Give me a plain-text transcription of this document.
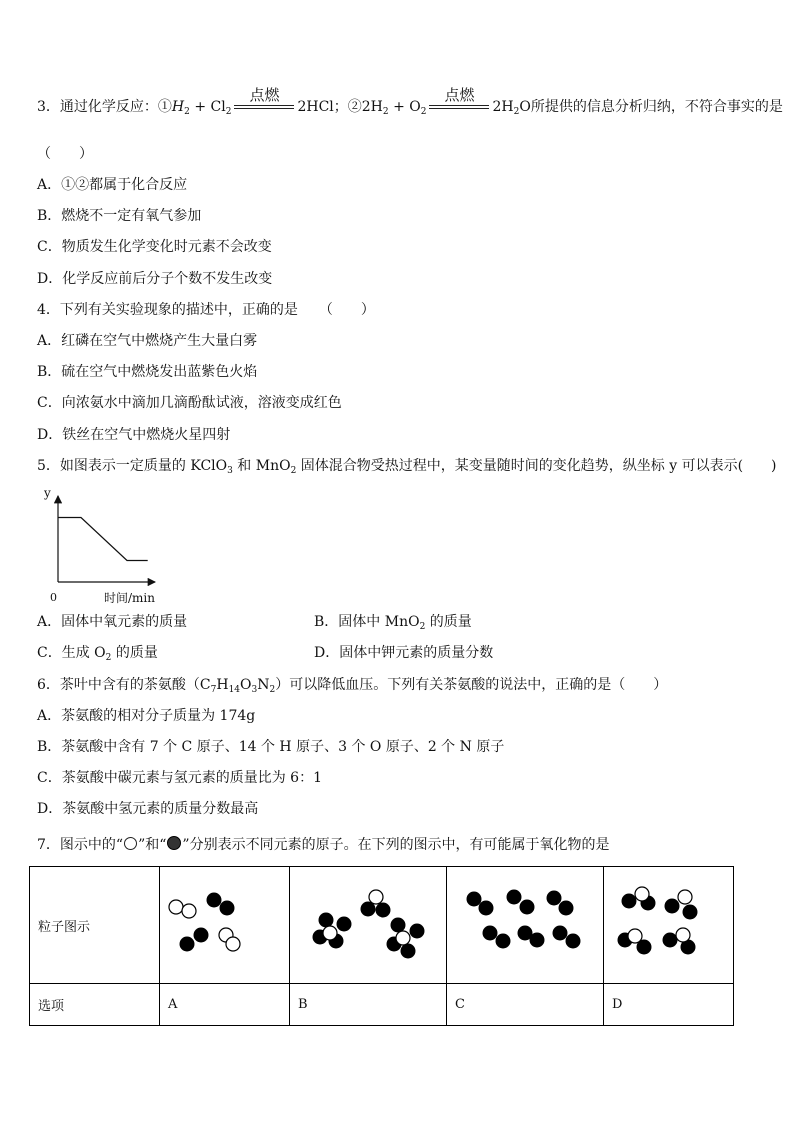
3．通过化学反应：$①H_2 + Cl_2$
点燃
2HCl；$②2H_2 + O_2$
点燃
$2H_2O$所提供的信息分析归纳，不符合事实的是
（　　）
A．①②都属于化合反应
B．燃烧不一定有氧气参加
C．物质发生化学变化时元素不会改变
D．化学反应前后分子个数不发生改变
4．下列有关实验现象的描述中，正确的是　　（　　）
A．红磷在空气中燃烧产生大量白雾
B．硫在空气中燃烧发出蓝紫色火焰
C．向浓氨水中滴加几滴酚酞试液，溶液变成红色
D．铁丝在空气中燃烧火星四射
5．如图表示一定质量的 KClO$_3$ 和 MnO$_2$ 固体混合物受热过程中，某变量随时间的变化趋势，纵坐标 y 可以表示(　　)
y
0	时间/min
A．固体中氧元素的质量	B．固体中 MnO$_2$ 的质量
C．生成 $O_2$ 的质量	D．固体中钾元素的质量分数
6．茶叶中含有的茶氨酸$(C_7H_{14}O_3N_2)$可以降低血压。下列有关茶氨酸的说法中，正确的是（　　）
A．茶氨酸的相对分子质量为 174g
B．茶氨酸中含有 7 个 C 原子、14 个 H 原子、3 个 O 原子、2 个 N 原子
C．茶氨酸中碳元素与氢元素的质量比为 6：1
D．茶氨酸中氢元素的质量分数最高
7．图示中的“ ”和“ ”分别表示不同元素的原子。在下列的图示中，有可能属于氧化物的是
粒子图示				
选项	A	B	C	D
